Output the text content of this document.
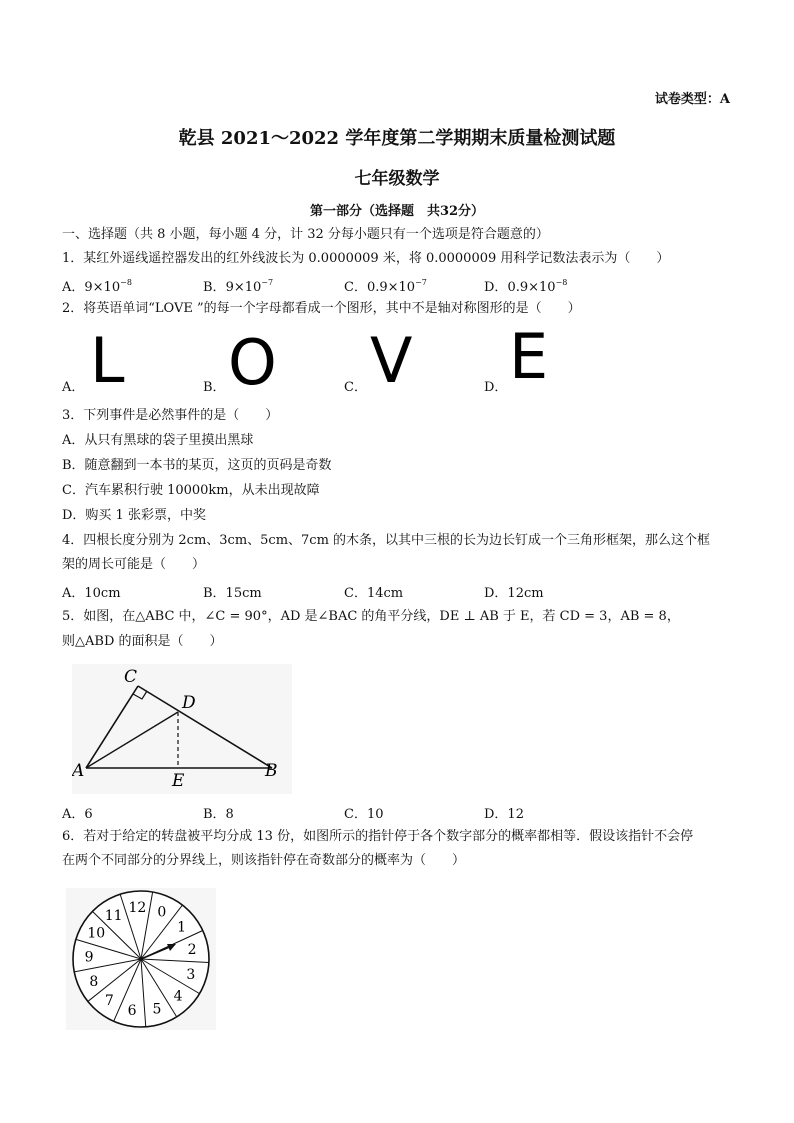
试卷类型：A
乾县 2021～2022 学年度第二学期期末质量检测试题
七年级数学
第一部分（选择题　共32分）
一、选择题（共 8 小题，每小题 4 分，计 32 分每小题只有一个选项是符合题意的）
1．某红外遥线遥控器发出的红外线波长为 0.0000009 米，将 0.0000009 用科学记数法表示为（　　）
A．$9\times 10^{-8}$	B．$9\times 10^{-7}$	C．$0.9\times 10^{-7}$	D．$0.9\times 10^{-8}$
2．将英语单词“LOVE ”的每一个字母都看成一个图形，其中不是轴对称图形的是（　　）
A． L	B． O	C． V	D． E
3．下列事件是必然事件的是（　　）
A．从只有黑球的袋子里摸出黑球
B．随意翻到一本书的某页，这页的页码是奇数
C．汽车累积行驶 10000km，从未出现故障
D．购买 1 张彩票，中奖
4．四根长度分别为 2cm、3cm、5cm、7cm 的木条，以其中三根的长为边长钉成一个三角形框架，那么这个框
架的周长可能是（　　）
A．10cm	B．15cm	C．14cm	D．12cm
5．如图，在△ABC 中，∠C = 90°，AD 是∠BAC 的角平分线，DE ⊥ AB 于 E，若 CD = 3，AB = 8，
则△ABD 的面积是（　　）
C
D
A	E	B
A．6	B．8	C．10	D．12
6．若对于给定的转盘被平均分成 13 份，如图所示的指针停于各个数字部分的概率都相等．假设该指针不会停
在两个不同部分的分界线上，则该指针停在奇数部分的概率为（　　）
12 0
1
2
3
4
5
6
7
8
9
10
11
